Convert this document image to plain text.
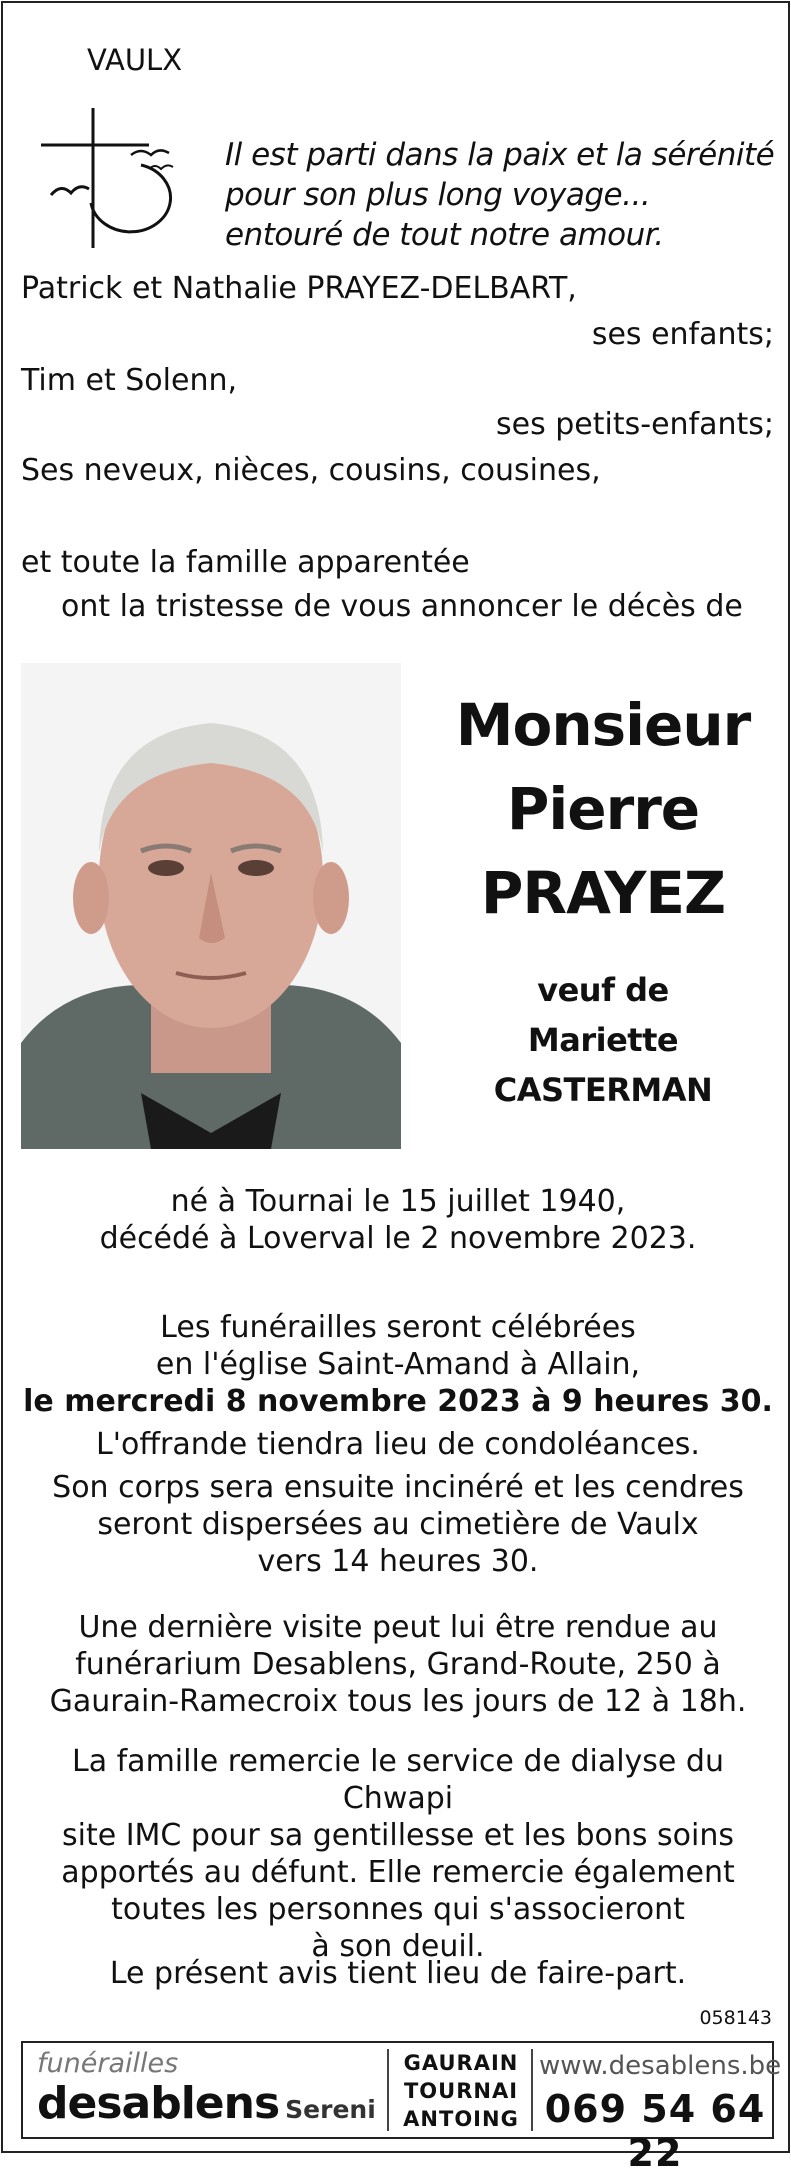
VAULX
Il est parti dans la paix et la sérénité
pour son plus long voyage...
entouré de tout notre amour.
Patrick et Nathalie PRAYEZ-DELBART,
ses enfants;
Tim et Solenn,
ses petits-enfants;
Ses neveux, nièces, cousins, cousines,
et toute la famille apparentée
ont la tristesse de vous annoncer le décès de
Monsieur
Pierre
PRAYEZ
veuf de
Mariette CASTERMAN

né à Tournai le 15 juillet 1940,

décédé à Loverval le 2 novembre 2023.

Les funérailles seront célébrées

en l'église Saint-Amand à Allain,

le mercredi 8 novembre 2023 à 9 heures 30.

L'offrande tiendra lieu de condoléances.

Son corps sera ensuite incinéré et les cendres

seront dispersées au cimetière de Vaulx

vers 14 heures 30.

Une dernière visite peut lui être rendue au

funérarium Desablens, Grand-Route, 250 à

Gaurain-Ramecroix tous les jours de 12 à 18h.

La famille remercie le service de dialyse du Chwapi

site IMC pour sa gentillesse et les bons soins

apportés au défunt. Elle remercie également

toutes les personnes qui s'associeront

à son deuil.

Le présent avis tient lieu de faire-part.
058143
funérailles
desablens Sereni
GAURAIN
TOURNAI
ANTOING
www.desablens.be
069 54 64 22
